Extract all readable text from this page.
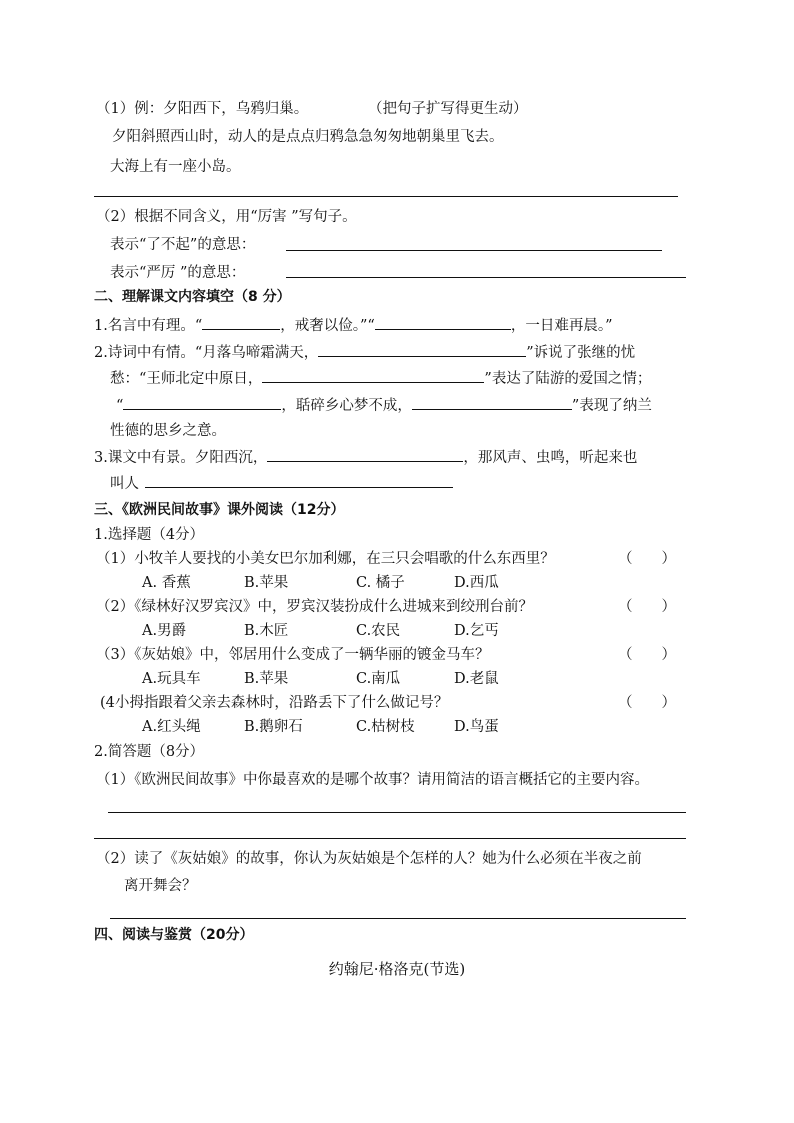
（1）例：夕阳西下，乌鸦归巢。	（把句子扩写得更生动）
夕阳斜照西山时，动人的是点点归鸦急急匆匆地朝巢里飞去。
大海上有一座小岛。
（2）根据不同含义，用“厉害 ”写句子。
表示“了不起”的意思：
表示“严厉 ”的意思：
二、理解课文内容填空（8 分）
1.名言中有理。“	，戒奢以俭。”“	，一日难再晨。”
2.诗词中有情。“月落乌啼霜满天，	”诉说了张继的忧
愁：“王师北定中原日，	”表达了陆游的爱国之情；
“	，聒碎乡心梦不成，	”表现了纳兰
性德的思乡之意。
3.课文中有景。夕阳西沉，	，那风声、虫鸣，听起来也
叫人
三、《欧洲民间故事》课外阅读（12分）
1.选择题（4分）
（1）小牧羊人要找的小美女巴尔加利娜，在三只会唱歌的什么东西里？	（　　）
A. 香蕉	B.苹果	C. 橘子	D.西瓜
（2）《绿林好汉罗宾汉》中，罗宾汉装扮成什么进城来到绞刑台前？	（　　）
A.男爵	B.木匠	C.农民	D.乞丐
（3）《灰姑娘》中，邻居用什么变成了一辆华丽的镀金马车？	（　　）
A.玩具车	B.苹果	C.南瓜	D.老鼠
(4小拇指跟着父亲去森林时，沿路丢下了什么做记号？	（　　）
A.红头绳	B.鹅卵石	C.枯树枝	D.鸟蛋
2.简答题（8分）
（1）《欧洲民间故事》中你最喜欢的是哪个故事？请用简洁的语言概括它的主要内容。
（2）读了《灰姑娘》的故事，你认为灰姑娘是个怎样的人？她为什么必须在半夜之前
离开舞会？
四、阅读与鉴赏（20分）
约翰尼·格洛克(节选)
